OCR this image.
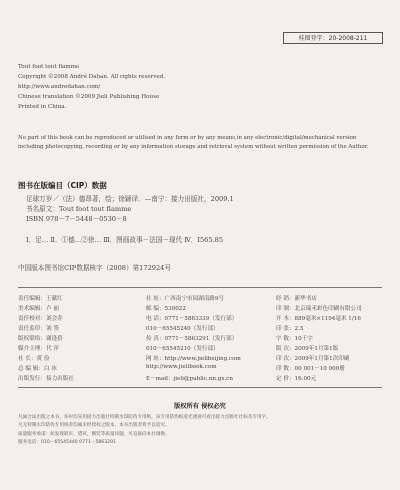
桂图登字：20-2008-211
Tout foot tout flamme
Copyright ©2008 André Dahan. All rights reserved.
http://www.andredahan.com/
Chinese translation ©2009 Jieli Publishing House
Printed in China.
No part of this book can be reproduced or utilised in any form or by any means,in any electronic/digital/mechanical version including photocopying, recording or by any information storage and retrieval system without written permission of the Author.
图书在版编目（CIP）数据
足球万岁／（法）德昂著，绘；徐颖译．—南宁：接力出版社，2009.1
书名原文：Tout foot tout flamme
ISBN 978－7－5448－0530－8
Ⅰ．足… Ⅱ．①德…②徐… Ⅲ．图画故事－法国－现代 Ⅳ．I565.85
中国版本图书馆CIP数据核字（2008）第172924号
责任编辑：王献红
美术编辑：卢 丽
责任校对：刘会乔
责任监印：刘 签
版权联络：谢逢蓓
媒介主理：代 萍
社 长：黄 俭
总 编 辑：白 冰
出版发行：接力出版社
社 址：广西南宁市园湖南路9号
邮 编：530022
电 话：0771－5863339（发行部）
010－65545240（发行部）
传 真：0771－5863291（发行部）
010－65545210（发行部）
网 址：http://www.jielibeijing.com
http://www.jielibook.com
E－mail：jieli@public.nn.gx.cn
经 销：新华书店
印 制：北京瑞禾彩色印刷有限公司
开 本：889毫米×1194毫米 1/16
印 张：2.5
字 数：10千字
版 次：2009年1月第1版
印 次：2009年1月第1次印刷
印 数：00 001－10 000册
定 价：16.00元
版权所有 侵权必究
凡属合法出版之本书，环衬均采用接力出版社特制水印防伪专用纸，该专用防伪纸迎光透视可看出接力出版社社标及专用字。
凡无特制水印防伪专用纸者均属未经授权之版本，本书出版者将予以追究。
质量服务承诺：如发现缺页、错页、倒装等质量问题，可直接向本社调换。
服务电话：010－65545440 0771－5863291
